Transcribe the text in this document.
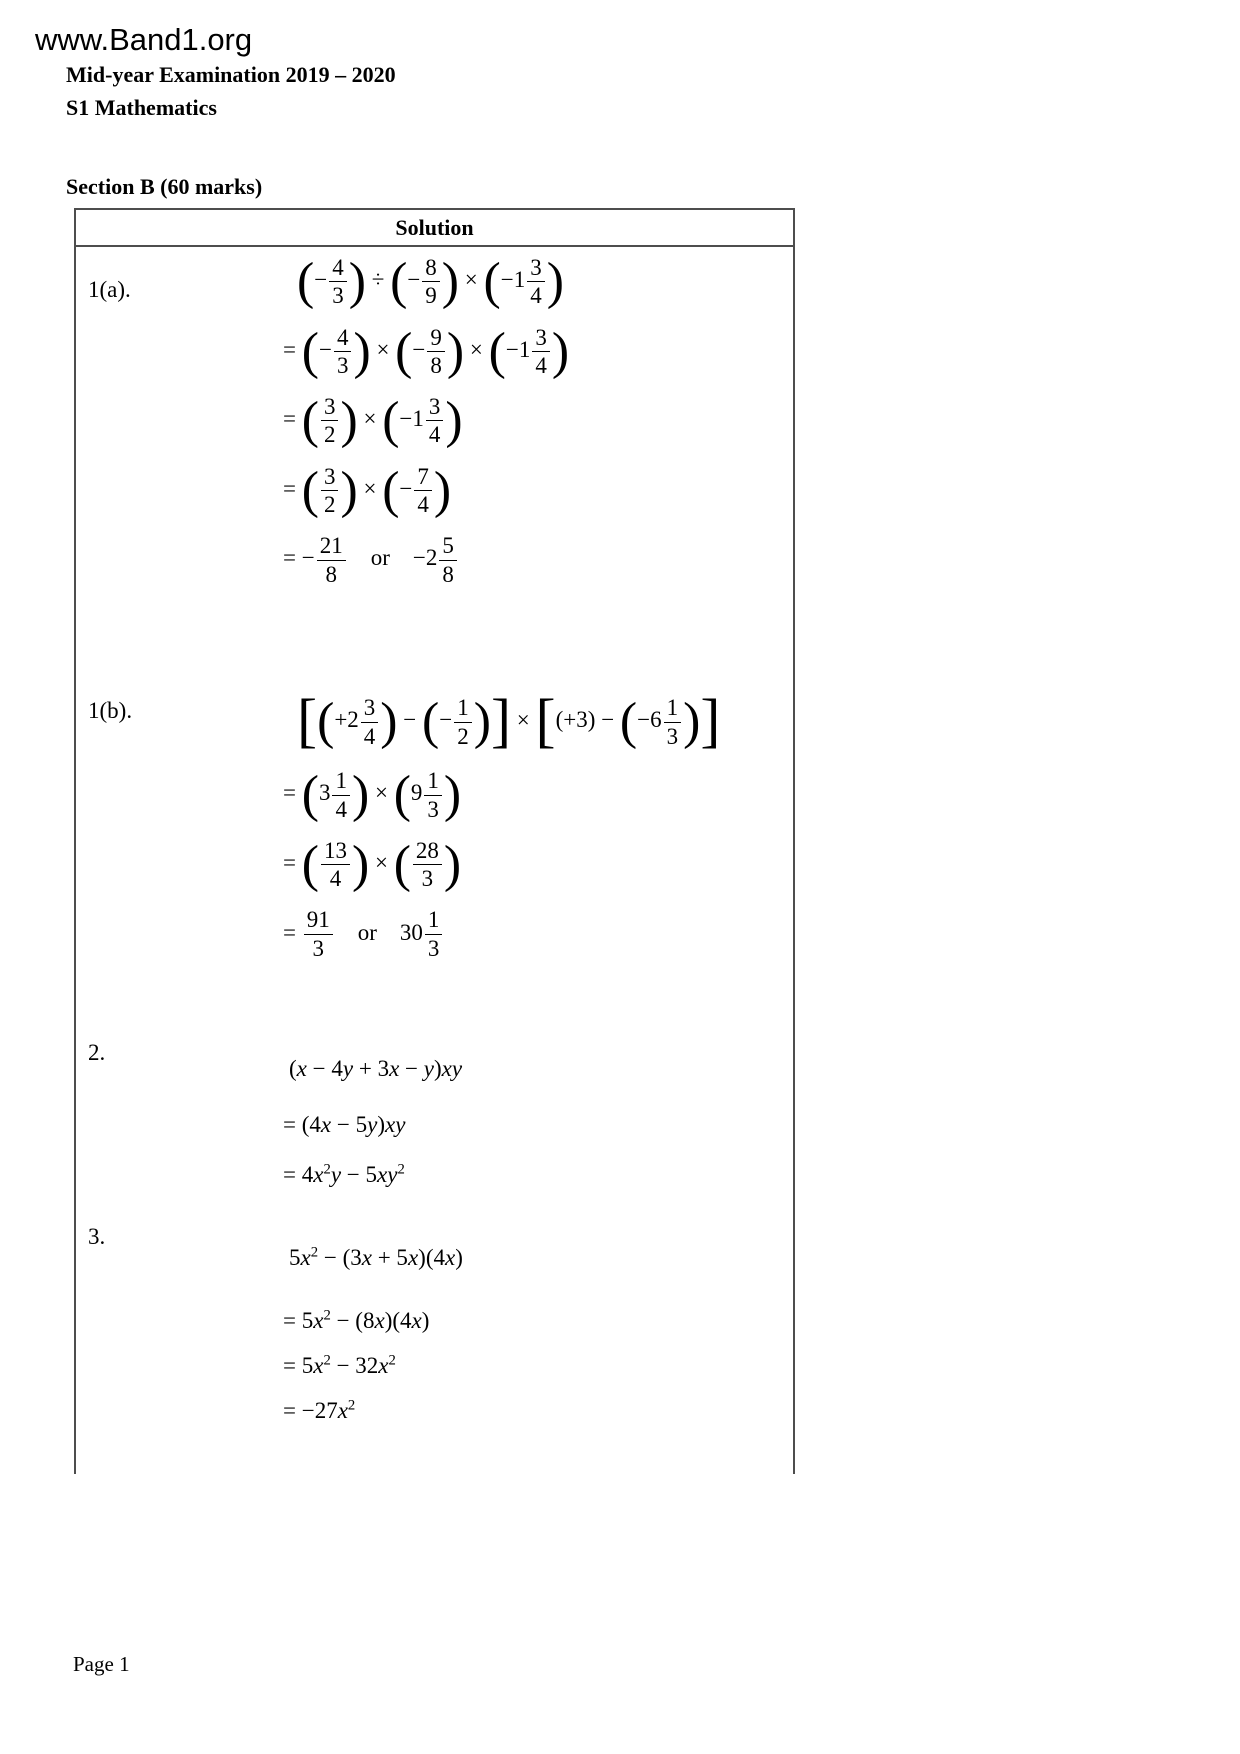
www.Band1.org
Mid-year Examination 2019 – 2020
S1 Mathematics
Section B (60 marks)
Solution
1(a).	(− $\frac{4}{3}$ ) ÷ (− $\frac{8}{9}$ ) × ($-1 \frac{3}{4}$ )
= (− $\frac{4}{3}$ ) × (− $\frac{9}{8}$ ) × ($-1 \frac{3}{4}$ )
= ( $\frac{3}{2}$ ) × ($-1 \frac{3}{4}$ )
= ( $\frac{3}{2}$ ) × (− $\frac{7}{4}$ )
= − $\frac{21}{8}$ or    $-2 \frac{5}{8}$
1(b).	[($+2 \frac{3}{4}$ ) − (− $\frac{1}{2}$ )] × [$(+3) - (-6 \frac{1}{3}$ )]
= ($3 \frac{1}{4}$ ) × ($9 \frac{1}{3}$ )
= ( $\frac{13}{4}$ ) × ( $\frac{28}{3}$ )
= $\frac{91}{3}$ or    $30 \frac{1}{3}$
2.
(x − 4y + 3x − y)xy
= (4x − 5y)xy
= $4x^2y - 5xy^2$
3.
$5x^2 - (3x + 5x)(4x)$
= $5x^2 - (8x)(4x)$
= $5x^2 - 32x^2$
= $-27x^2$
Page 1
